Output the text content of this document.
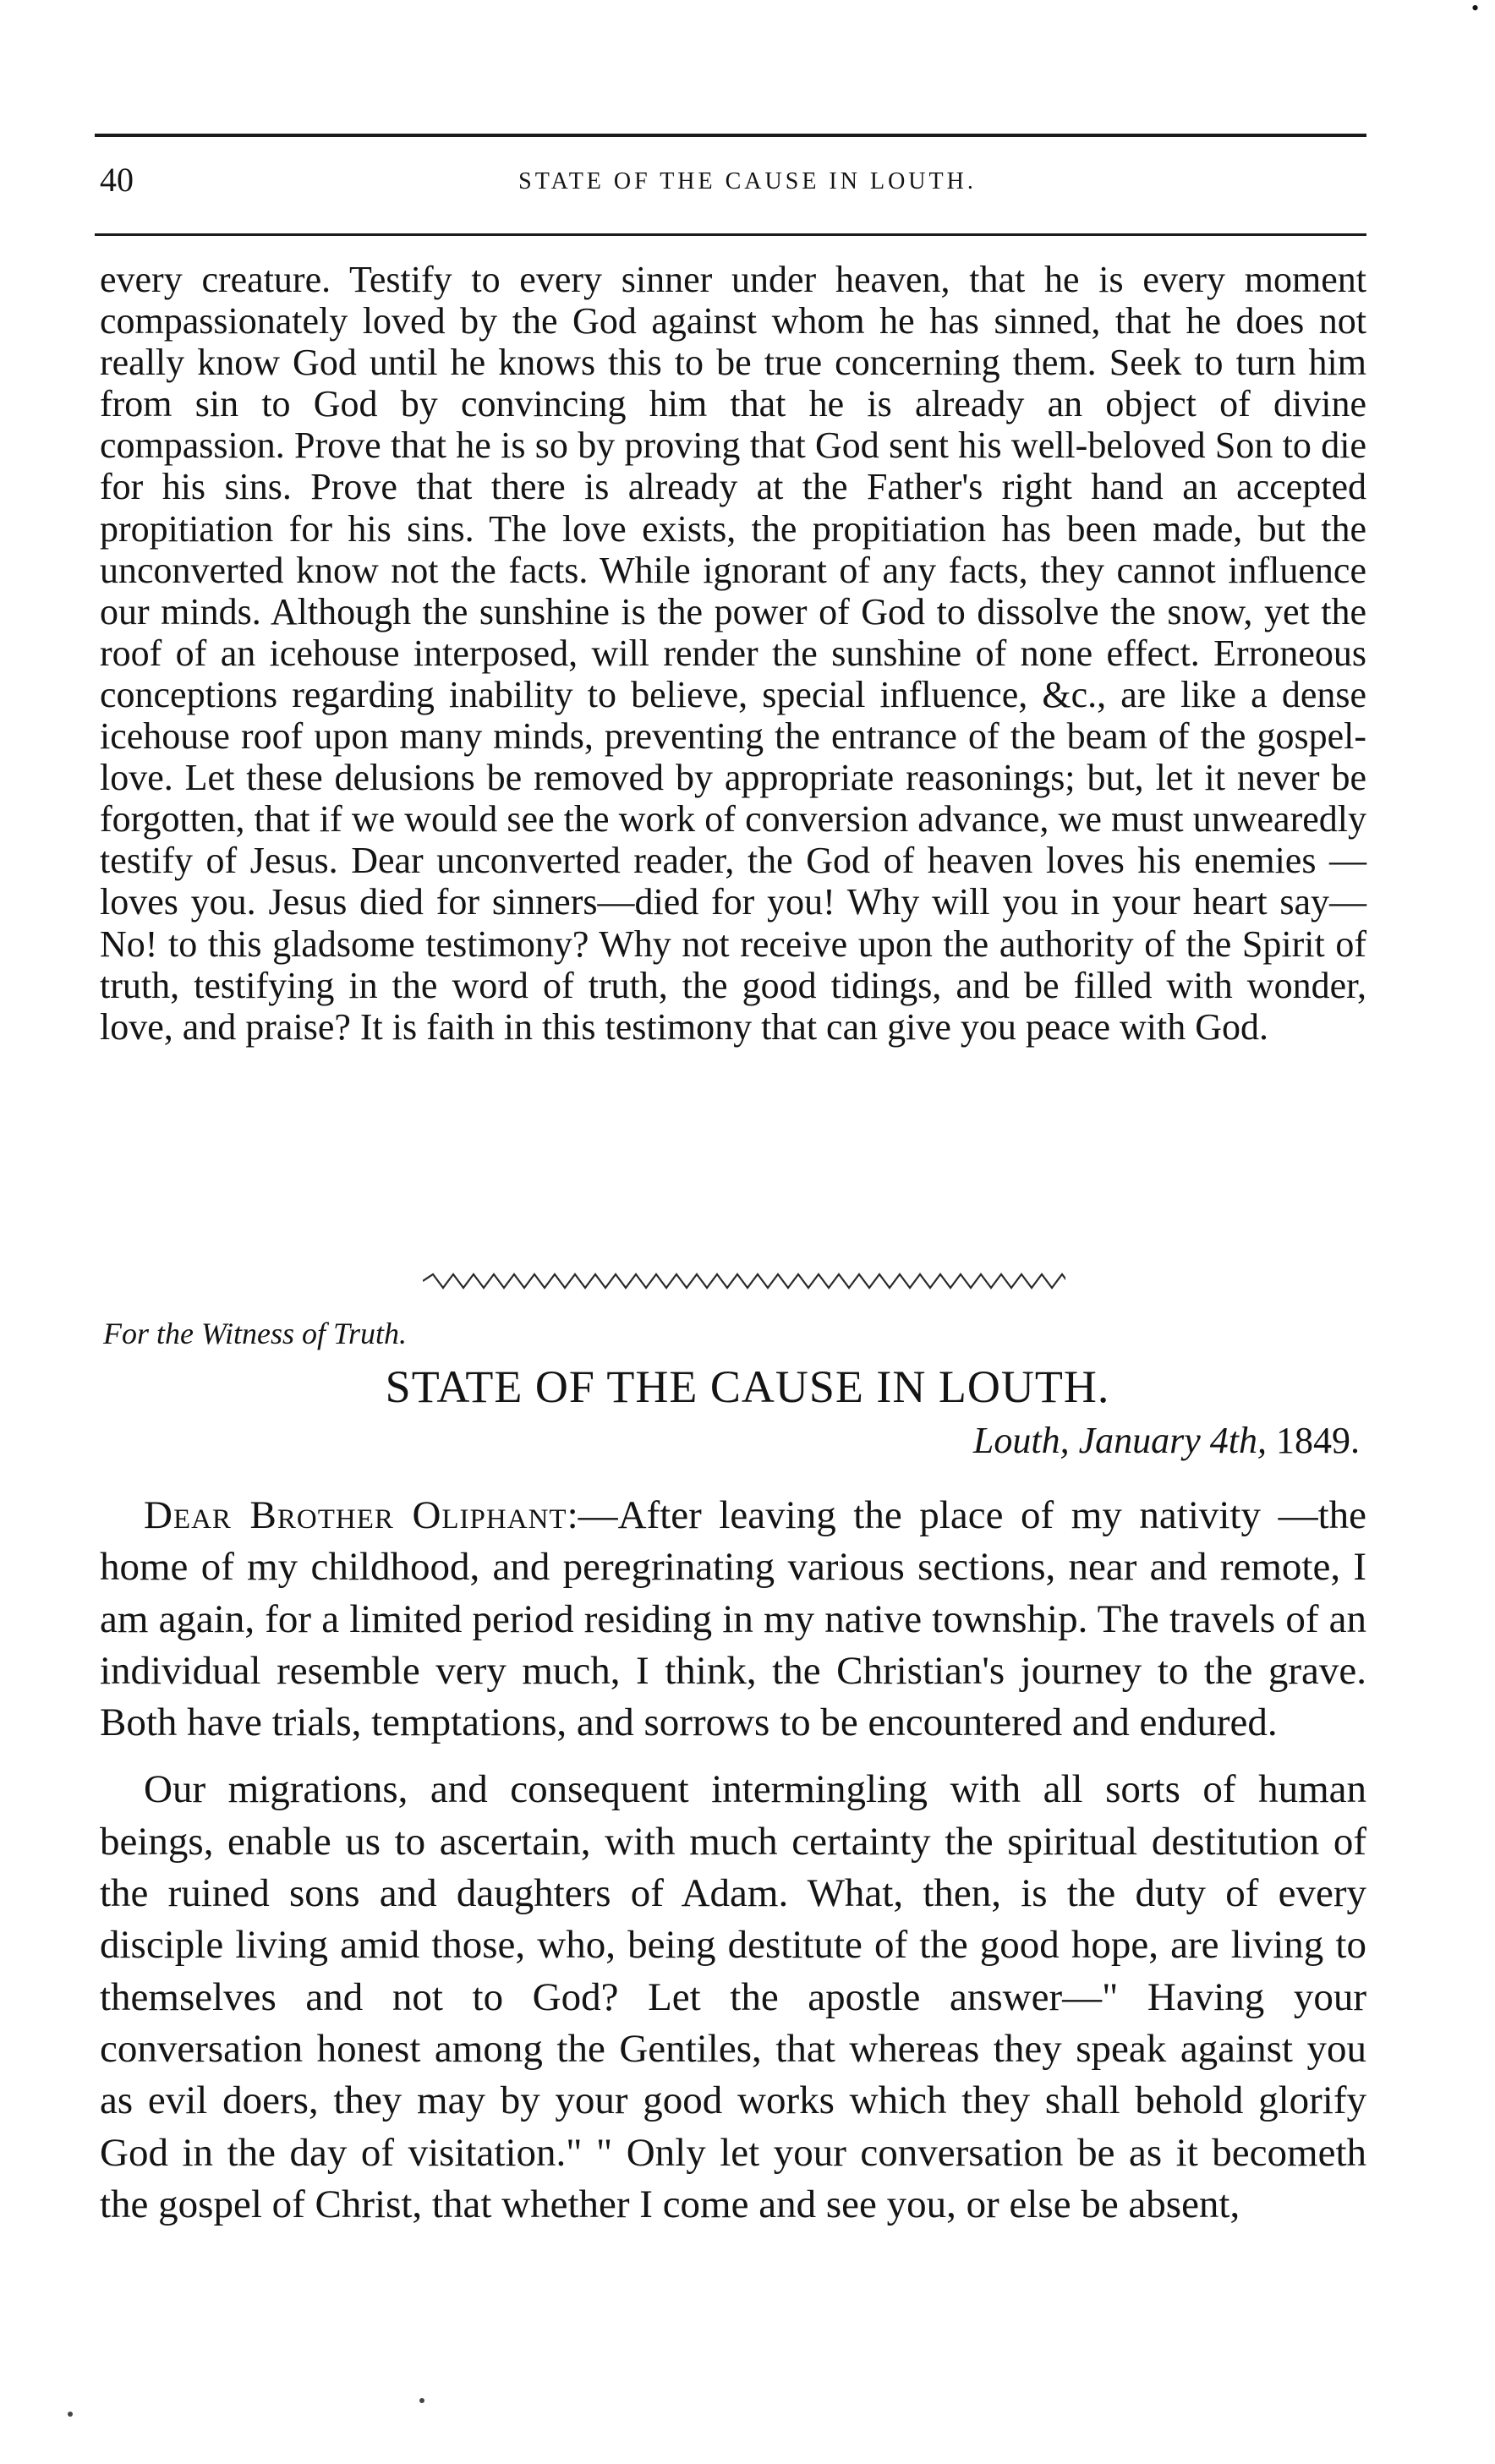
•
40	STATE OF THE CAUSE IN LOUTH.

every creature. Testify to every sinner under heaven, that he is every moment compassionately loved by the God against whom he has sinned, that he does not really know God until he knows this to be true concerning them. Seek to turn him from sin to God by convincing him that he is already an object of divine compassion. Prove that he is so by proving that God sent his well-beloved Son to die for his sins. Prove that there is already at the Father's right hand an accepted propitiation for his sins. The love exists, the propitiation has been made, but the unconverted know not the facts. While ignorant of any facts, they cannot influence our minds. Although the sunshine is the power of God to dissolve the snow, yet the roof of an icehouse interposed, will render the sunshine of none effect. Erroneous conceptions regarding inability to believe, special influence, &c., are like a dense icehouse roof upon many minds, preventing the entrance of the beam of the gospel-love. Let these delusions be removed by appropriate reasonings; but, let it never be forgotten, that if we would see the work of conversion advance, we must unwearedly testify of Jesus. Dear unconverted reader, the God of heaven loves his enemies —loves you. Jesus died for sinners—died for you! Why will you in your heart say—No! to this gladsome testimony? Why not receive upon the authority of the Spirit of truth, testifying in the word of truth, the good tidings, and be filled with wonder, love, and praise? It is faith in this testimony that can give you peace with God.

For the Witness of Truth.
STATE OF THE CAUSE IN LOUTH.
Louth, January 4th, 1849.

Dear Brother Oliphant:—After leaving the place of my nativity —the home of my childhood, and peregrinating various sections, near and remote, I am again, for a limited period residing in my native township. The travels of an individual resemble very much, I think, the Christian's journey to the grave. Both have trials, temptations, and sorrows to be encountered and endured.

Our migrations, and consequent intermingling with all sorts of human beings, enable us to ascertain, with much certainty the spiritual destitution of the ruined sons and daughters of Adam. What, then, is the duty of every disciple living amid those, who, being destitute of the good hope, are living to themselves and not to God? Let the apostle answer—" Having your conversation honest among the Gentiles, that whereas they speak against you as evil doers, they may by your good works which they shall behold glorify God in the day of visitation." " Only let your conversation be as it becometh the gospel of Christ, that whether I come and see you, or else be absent,
